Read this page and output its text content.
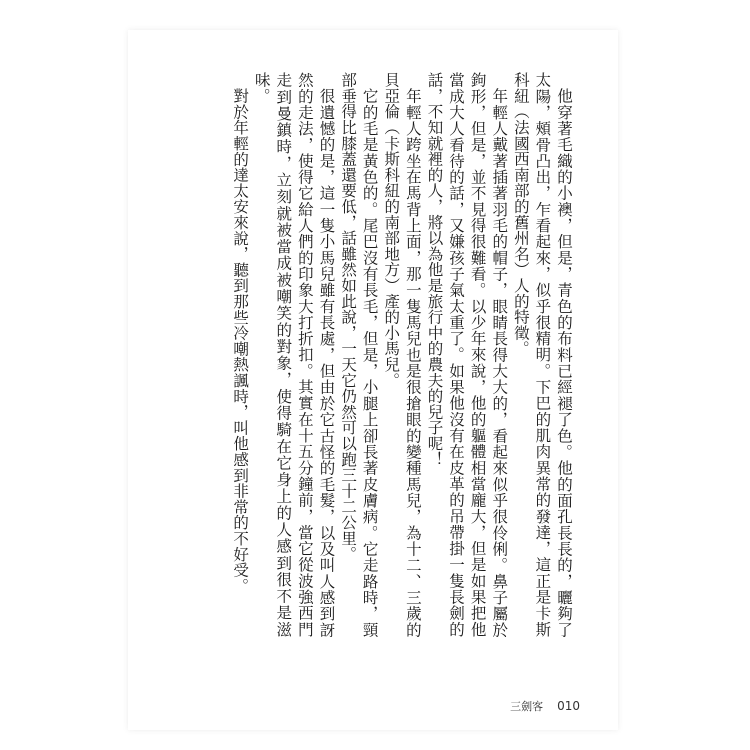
他穿著毛織的小襖，但是，青色的布料已經褪了色。他的面孔長長的，曬夠了太陽，頰骨凸出，乍看起來，似乎很精明。下巴的肌肉異常的發達，這正是卡斯科紐（法國西南部的舊州名）人的特徵。

年輕人戴著插著羽毛的帽子，眼睛長得大大的，看起來似乎很伶俐。鼻子屬於鉤形，但是，並不見得很難看。以少年來說，他的軀體相當龐大，但是如果把他當成大人看待的話，又嫌孩子氣太重了。如果他沒有在皮革的吊帶掛一隻長劍的話，不知就裡的人，將以為他是旅行中的農夫的兒子呢！

年輕人跨坐在馬背上面，那一隻馬兒也是很搶眼的變種馬兒，為十二、三歲的貝亞倫（卡斯科紐的南部地方）產的小馬兒。

它的毛是黃色的。尾巴沒有長毛，但是，小腿上卻長著皮膚病。它走路時，頸部垂得比膝蓋還要低，話雖然如此說，一天它仍然可以跑三十二公里。

很遺憾的是，這一隻小馬兒雖有長處，但由於它古怪的毛髮，以及叫人感到訝然的走法，使得它給人們的印象大打折扣。其實在十五分鐘前，當它從波強西門走到曼鎮時，立刻就被當成被嘲笑的對象，使得騎在它身上的人感到很不是滋味。

對於年輕的達太安來說，聽到那些冷嘲熱諷時，叫他感到非常的不好受。

三劍客 010
